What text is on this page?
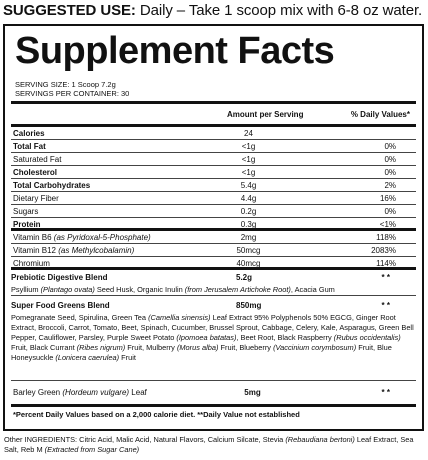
SUGGESTED USE: Daily – Take 1 scoop mix with 6-8 oz water.
Supplement Facts
SERVING SIZE: 1 Scoop 7.2g
SERVINGS PER CONTAINER: 30
Amount per Serving	% Daily Values*
Calories	24
Total Fat	<1g	0%
Saturated Fat	<1g	0%
Cholesterol	<1g	0%
Total Carbohydrates	5.4g	2%
Dietary Fiber	4.4g	16%
Sugars	0.2g	0%
Protein	0.3g	<1%
Vitamin B6 (as Pyridoxal-5-Phosphate)	2mg	118%
Vitamin B12 (as Methylcobalamin)	50mcg	2083%
Chromium	40mcg	114%
Prebiotic Digestive Blend	5.2g	* *
Psyllium (Plantago ovata) Seed Husk, Organic Inulin (from Jerusalem Artichoke Root), Acacia Gum
Super Food Greens Blend	850mg	* *
Pomegranate Seed, Spirulina, Green Tea (Camellia sinensis) Leaf Extract 95% Polyphenols 50% EGCG, Ginger Root Extract, Broccoli, Carrot, Tomato, Beet, Spinach, Cucumber, Brussel Sprout, Cabbage, Celery, Kale, Asparagus, Green Bell Pepper, Cauliflower, Parsley, Purple Sweet Potato (Ipomoea batatas), Beet Root, Black Raspberry (Rubus occidentalis) Fruit, Black Currant (Ribes nigrum) Fruit, Mulberry (Morus alba) Fruit, Blueberry (Vaccinium corymbosum) Fruit, Blue Honeysuckle (Lonicera caerulea) Fruit
Barley Green (Hordeum vulgare) Leaf	5mg	* *
*Percent Daily Values based on a 2,000 calorie diet. **Daily Value not established
Other INGREDIENTS: Citric Acid, Malic Acid, Natural Flavors, Calcium Silcate, Stevia (Rebaudiana bertoni) Leaf Extract, Sea Salt, Reb M (Extracted from Sugar Cane)
